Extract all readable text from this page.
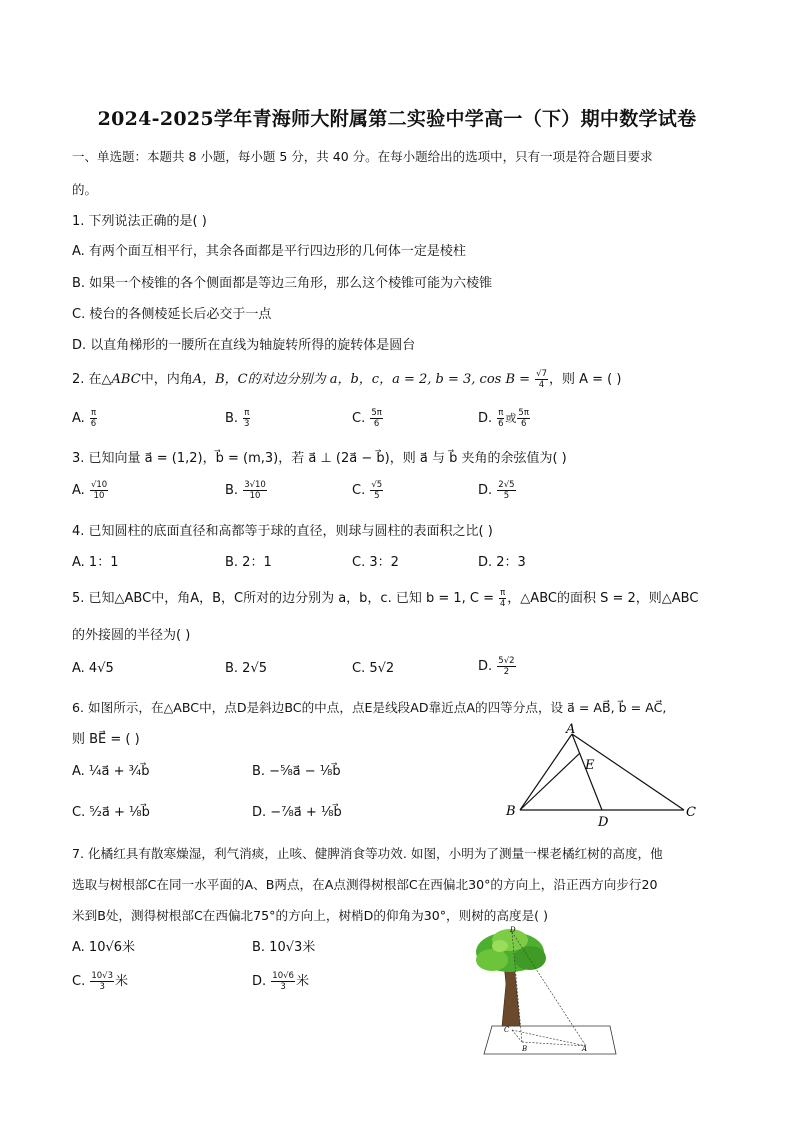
2024-2025学年青海师大附属第二实验中学高一（下）期中数学试卷
一、单选题：本题共 8 小题，每小题 5 分，共 40 分。在每小题给出的选项中，只有一项是符合题目要求
的。
1. 下列说法正确的是( )
A. 有两个面互相平行，其余各面都是平行四边形的几何体一定是棱柱
B. 如果一个棱锥的各个侧面都是等边三角形，那么这个棱锥可能为六棱锥
C. 棱台的各侧棱延长后必交于一点
D. 以直角梯形的一腰所在直线为轴旋转所得的旋转体是圆台
2. 在△ABC中，内角A，B，C的对边分别为 a，b，c，a = 2, b = 3, $\cos B = \frac{√7}{4}$ ，则 A = ( )
A. $\frac{\pi}{6}$	B. $\frac{\pi}{3}$	C. $\frac{5\pi}{6}$	D. $\frac{\pi}{6}$ 或 $\frac{5\pi}{6}$
3. 已知向量 a⃗ = (1,2)，b⃗ = (m,3)，若 a⃗ ⊥ (2a⃗ − b⃗)，则 a⃗ 与 b⃗ 夹角的余弦值为( )
A. $\frac{√10}{10}$	B. $\frac{3√10}{10}$	C. $\frac{√5}{5}$	D. $\frac{2√5}{5}$
4. 已知圆柱的底面直径和高都等于球的直径，则球与圆柱的表面积之比( )
A. 1：1	B. 2：1	C. 3：2	D. 2：3
5. 已知△ABC中，角A，B，C所对的边分别为 a，b，c. 已知 b = 1, $C = \frac{\pi}{4}$ ，△ABC的面积 S = 2，则△ABC
的外接圆的半径为( )
A. 4√5	B. 2√5	C. 5√2	D. $\frac{5√2}{2}$
6. 如图所示，在△ABC中，点D是斜边BC的中点，点E是线段AD靠近点A的四等分点，设 a⃗ = AB⃗, b⃗ = AC⃗,
则 BE⃗ = ( )
A. ¼a⃗ + ¾b⃗	B. −⅝a⃗ − ⅛b⃗
C. ⁵⁄₂a⃗ + ⅛b⃗	D. −⅞a⃗ + ⅛b⃗
A
B	C
D
E
7. 化橘红具有散寒燥湿，利气消痰，止咳、健脾消食等功效. 如图，小明为了测量一棵老橘红树的高度，他
选取与树根部C在同一水平面的A、B两点，在A点测得树根部C在西偏北30°的方向上，沿正西方向步行20
米到B处，测得树根部C在西偏北75°的方向上，树梢D的仰角为30°，则树的高度是( )
A. 10√6米	B. 10√3米
C. $\frac{10√3}{3}$ 米	D. $\frac{10√6}{3}$ 米
D
C
B	A
